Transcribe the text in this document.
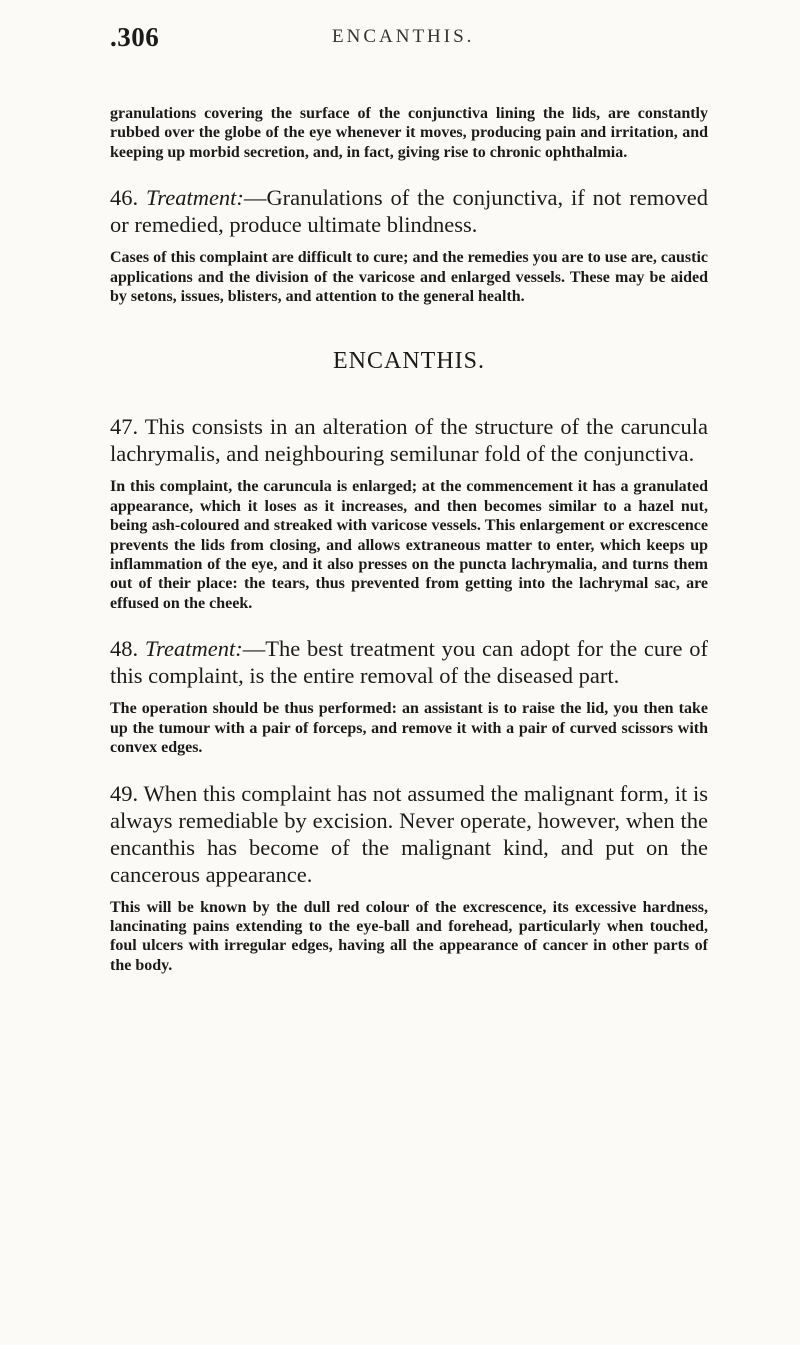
.306	ENCANTHIS.

granulations covering the surface of the conjunctiva lining the lids, are constantly rubbed over the globe of the eye whenever it moves, producing pain and irritation, and keeping up morbid secretion, and, in fact, giving rise to chronic ophthalmia.

46. Treatment:—Granulations of the conjunctiva, if not removed or remedied, produce ultimate blindness.

Cases of this complaint are difficult to cure; and the remedies you are to use are, caustic applications and the division of the varicose and enlarged vessels. These may be aided by setons, issues, blisters, and attention to the general health.

ENCANTHIS.

47. This consists in an alteration of the structure of the caruncula lachrymalis, and neighbouring semilunar fold of the conjunctiva.

In this complaint, the caruncula is enlarged; at the commencement it has a granulated appearance, which it loses as it increases, and then becomes similar to a hazel nut, being ash-coloured and streaked with varicose vessels. This enlargement or excrescence prevents the lids from closing, and allows extraneous matter to enter, which keeps up inflammation of the eye, and it also presses on the puncta lachrymalia, and turns them out of their place: the tears, thus prevented from getting into the lachrymal sac, are effused on the cheek.

48. Treatment:—The best treatment you can adopt for the cure of this complaint, is the entire removal of the diseased part.

The operation should be thus performed: an assistant is to raise the lid, you then take up the tumour with a pair of forceps, and remove it with a pair of curved scissors with convex edges.

49. When this complaint has not assumed the malignant form, it is always remediable by excision. Never operate, however, when the encanthis has become of the malignant kind, and put on the cancerous appearance.

This will be known by the dull red colour of the excrescence, its excessive hardness, lancinating pains extending to the eye-ball and forehead, particularly when touched, foul ulcers with irregular edges, having all the appearance of cancer in other parts of the body.
